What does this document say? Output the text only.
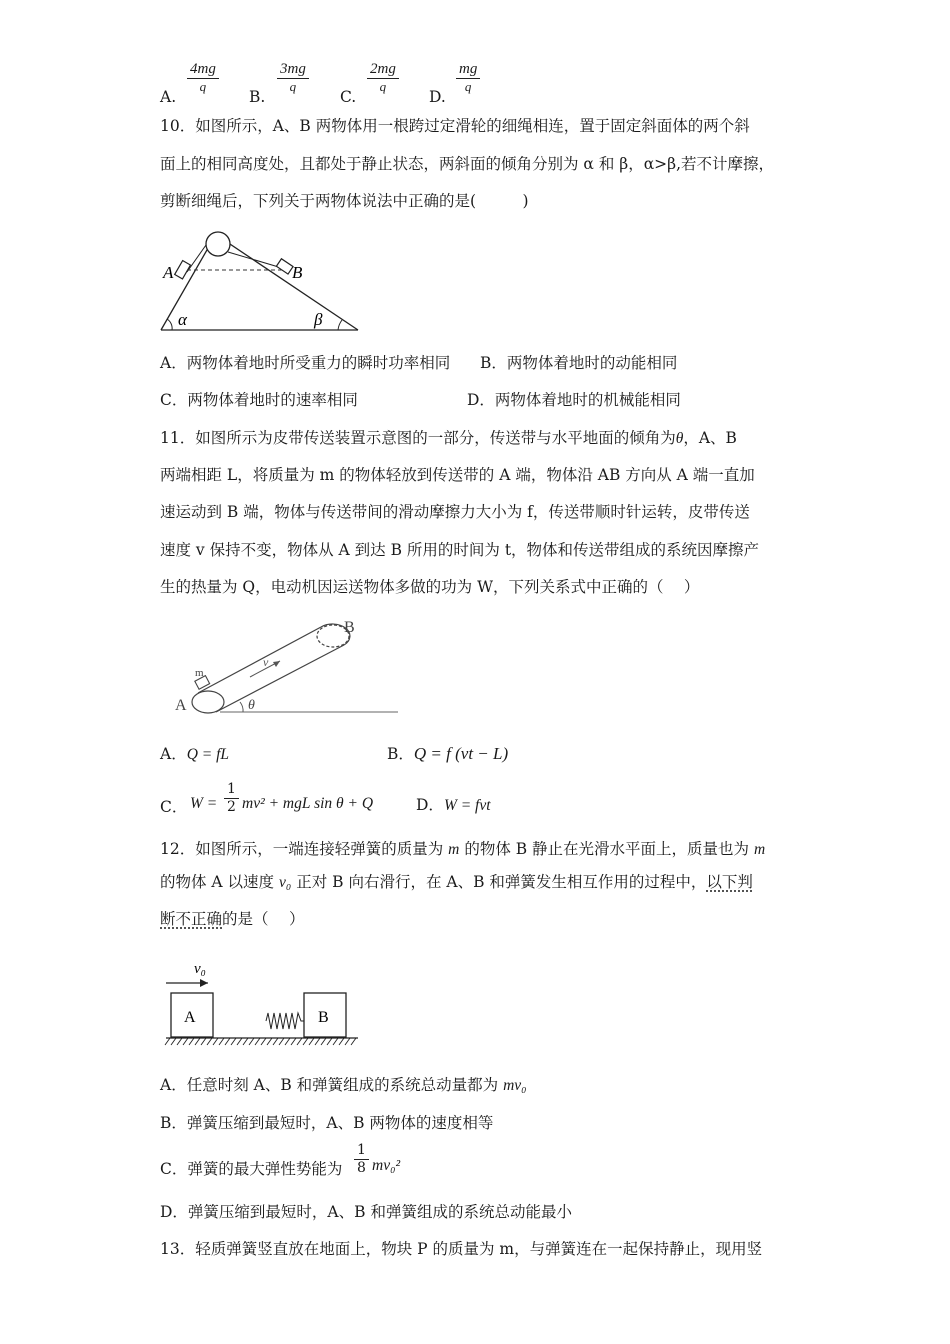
A.
$\frac{4mg}{q}$
B.
$\frac{3mg}{q}$
C.
$\frac{2mg}{q}$
D.
$\frac{mg}{q}$
10．如图所示，A、B 两物体用一根跨过定滑轮的细绳相连，置于固定斜面体的两个斜
面上的相同高度处，且都处于静止状态，两斜面的倾角分别为 α 和 β，α>β,若不计摩擦，
剪断细绳后，下列关于两物体说法中正确的是(　　　)
A	B
α	β
A．两物体着地时所受重力的瞬时功率相同 B．两物体着地时的动能相同
C．两物体着地时的速率相同	D．两物体着地时的机械能相同
11．如图所示为皮带传送装置示意图的一部分，传送带与水平地面的倾角为θ，A、B
两端相距 L，将质量为 m 的物体轻放到传送带的 A 端，物体沿 AB 方向从 A 端一直加
速运动到 B 端，物体与传送带间的滑动摩擦力大小为 f，传送带顺时针运转，皮带传送
速度 v 保持不变，物体从 A 到达 B 所用的时间为 t，物体和传送带组成的系统因摩擦产
生的热量为 Q，电动机因运送物体多做的功为 W，下列关系式中正确的（　 ）
A
B
m
v
θ
A．Q = fL	B．Q = f (vt − L)
C． $W = \frac{1}{2} mv^2$ + mgL sin θ + Q	D．W = fvt
12．如图所示，一端连接轻弹簧的质量为 m 的物体 B 静止在光滑水平面上，质量也为 m
的物体 A 以速度 v₀ 正对 B 向右滑行，在 A、B 和弹簧发生相互作用的过程中，以下判
断不正确的是（　 ）
v₀
A	B
A．任意时刻 A、B 和弹簧组成的系统总动量都为 mv₀
B．弹簧压缩到最短时，A、B 两物体的速度相等
C．弹簧的最大弹性势能为 $\frac{1}{8} mv_0^2$
D．弹簧压缩到最短时，A、B 和弹簧组成的系统总动能最小
13．轻质弹簧竖直放在地面上，物块 P 的质量为 m，与弹簧连在一起保持静止，现用竖
